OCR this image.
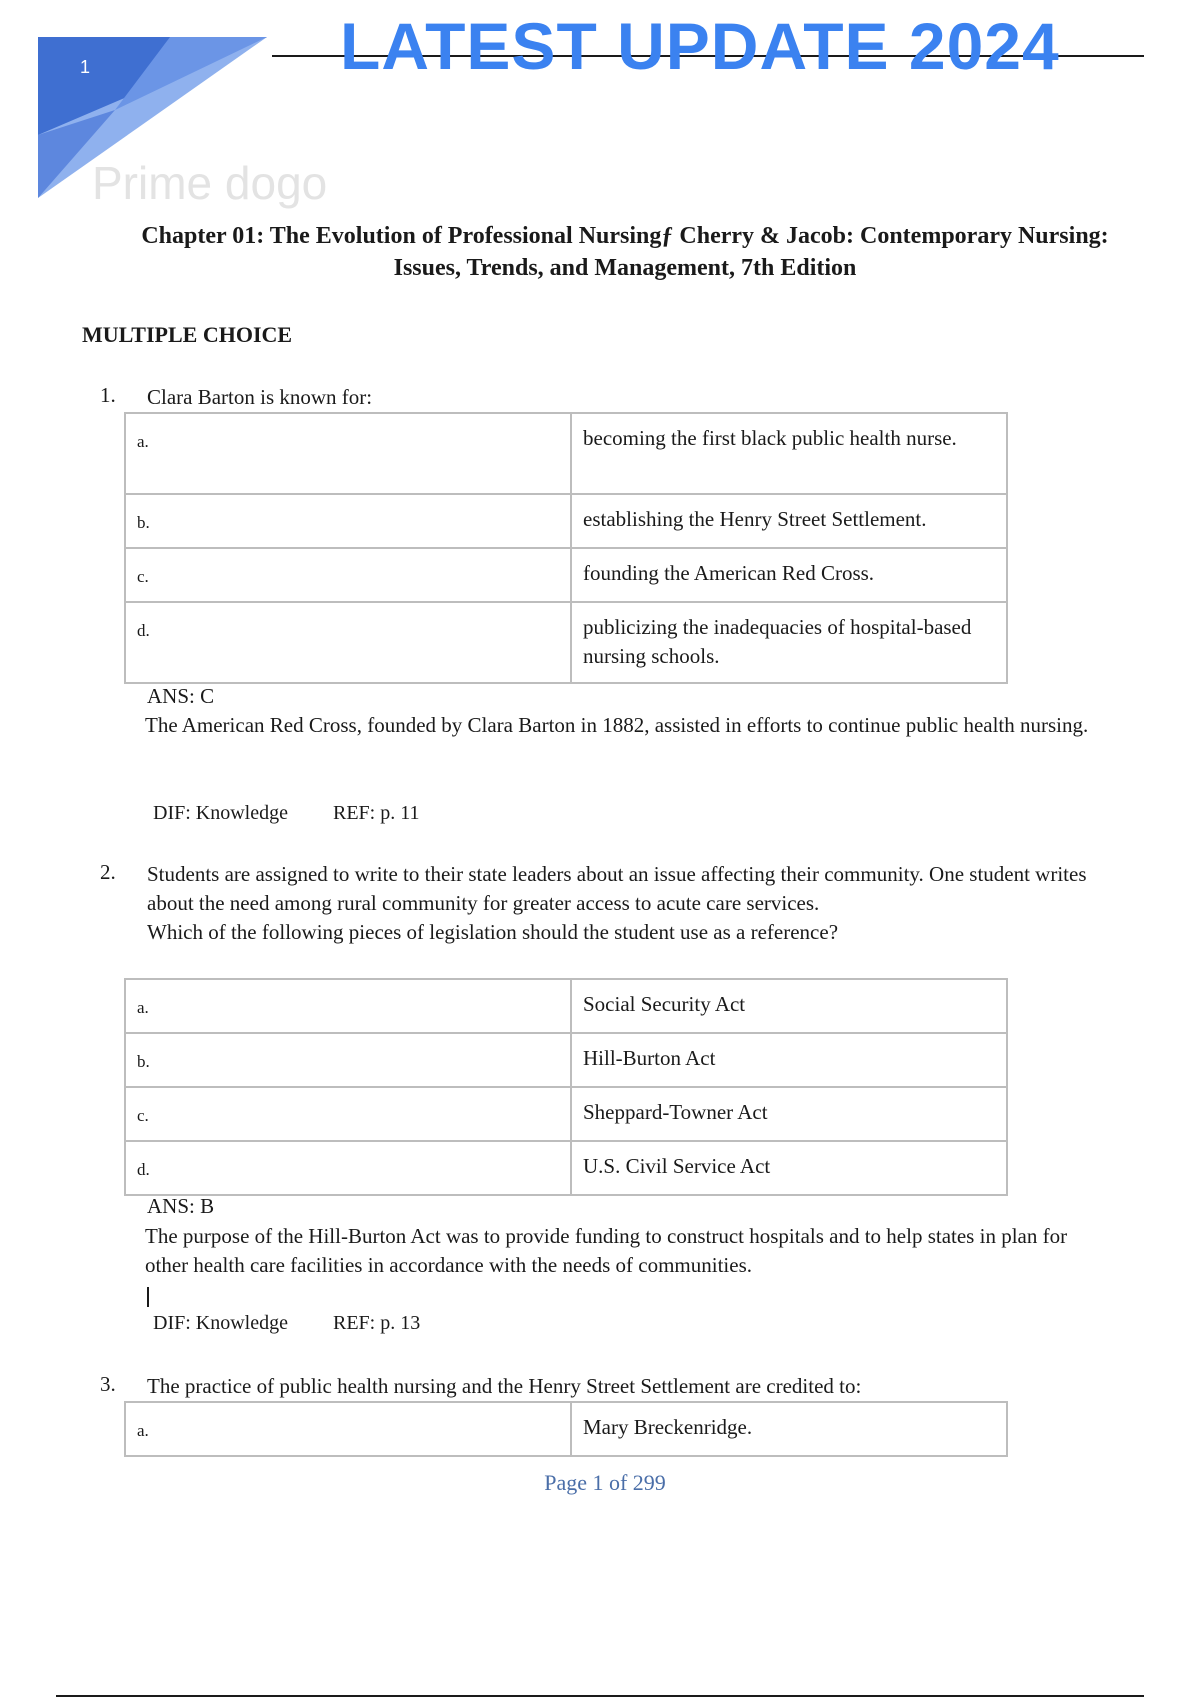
1	LATEST UPDATE 2024
Prime dogo
Chapter 01: The Evolution of Professional Nursingƒ Cherry & Jacob: Contemporary Nursing: Issues, Trends, and Management, 7th Edition
MULTIPLE CHOICE
1. Clara Barton is known for:

a.	becoming the first black public health nurse.
b.	establishing the Henry Street Settlement.
c.	founding the American Red Cross.
d.	publicizing the inadequacies of hospital-based nursing schools.
ANS: C
The American Red Cross, founded by Clara Barton in 1882, assisted in efforts to continue public health nursing.
DIF: Knowledge REF: p. 11
2. Students are assigned to write to their state leaders about an issue affecting their community. One student writes about the need among rural community for greater access to acute care services.

Which of the following pieces of legislation should the student use as a reference?

a.	Social Security Act
b.	Hill-Burton Act
c.	Sheppard-Towner Act
d.	U.S. Civil Service Act
ANS: B
The purpose of the Hill-Burton Act was to provide funding to construct hospitals and to help states in plan for other health care facilities in accordance with the needs of communities.
DIF: Knowledge REF: p. 13
3. The practice of public health nursing and the Henry Street Settlement are credited to:

a.	Mary Breckenridge.
Page 1 of 299
